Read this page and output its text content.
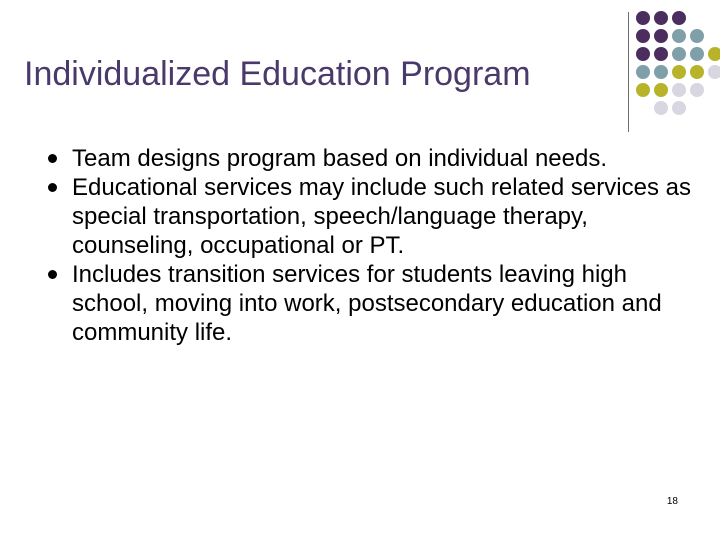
Individualized Education Program
Team designs program based on individual needs.
Educational services may include such related services as special transportation, speech/language therapy, counseling, occupational or PT.
Includes transition services for students leaving high school, moving into work, postsecondary education and community life.
18
